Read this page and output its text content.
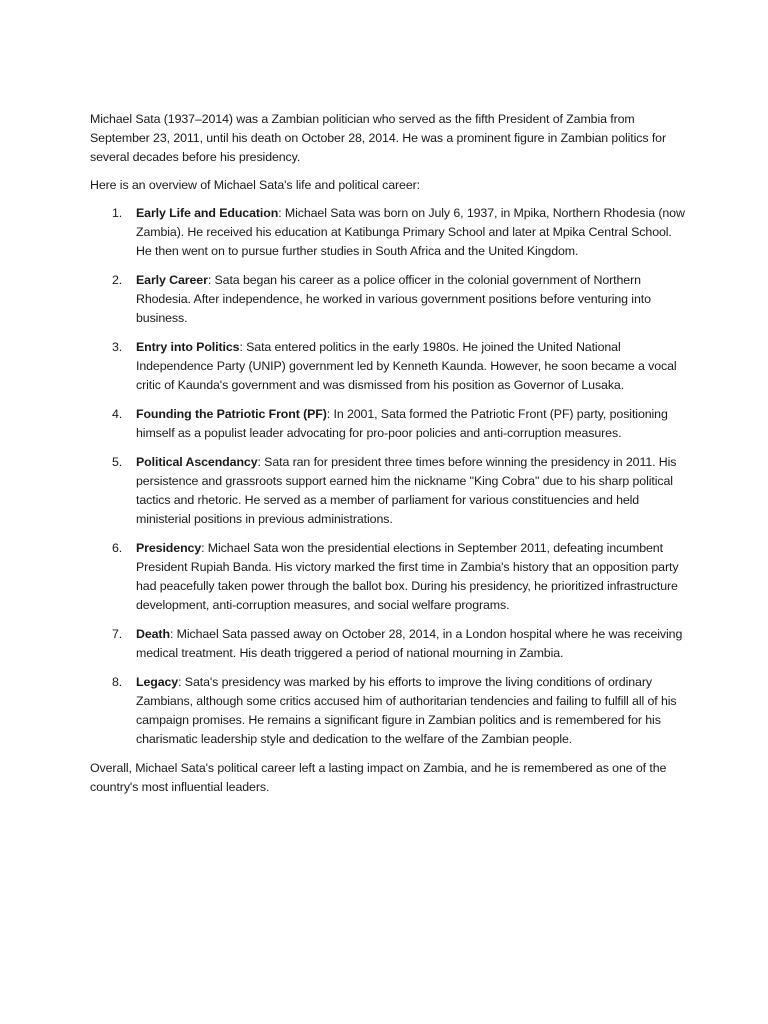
Michael Sata (1937–2014) was a Zambian politician who served as the fifth President of Zambia from September 23, 2011, until his death on October 28, 2014. He was a prominent figure in Zambian politics for several decades before his presidency.

Here is an overview of Michael Sata's life and political career:

1. Early Life and Education: Michael Sata was born on July 6, 1937, in Mpika, Northern Rhodesia (now Zambia). He received his education at Katibunga Primary School and later at Mpika Central School. He then went on to pursue further studies in South Africa and the United Kingdom.
2. Early Career: Sata began his career as a police officer in the colonial government of Northern Rhodesia. After independence, he worked in various government positions before venturing into business.
3. Entry into Politics: Sata entered politics in the early 1980s. He joined the United National Independence Party (UNIP) government led by Kenneth Kaunda. However, he soon became a vocal critic of Kaunda's government and was dismissed from his position as Governor of Lusaka.
4. Founding the Patriotic Front (PF): In 2001, Sata formed the Patriotic Front (PF) party, positioning himself as a populist leader advocating for pro-poor policies and anti-corruption measures.
5. Political Ascendancy: Sata ran for president three times before winning the presidency in 2011. His persistence and grassroots support earned him the nickname "King Cobra" due to his sharp political tactics and rhetoric. He served as a member of parliament for various constituencies and held ministerial positions in previous administrations.
6. Presidency: Michael Sata won the presidential elections in September 2011, defeating incumbent President Rupiah Banda. His victory marked the first time in Zambia's history that an opposition party had peacefully taken power through the ballot box. During his presidency, he prioritized infrastructure development, anti-corruption measures, and social welfare programs.
7. Death: Michael Sata passed away on October 28, 2014, in a London hospital where he was receiving medical treatment. His death triggered a period of national mourning in Zambia.
8. Legacy: Sata's presidency was marked by his efforts to improve the living conditions of ordinary Zambians, although some critics accused him of authoritarian tendencies and failing to fulfill all of his campaign promises. He remains a significant figure in Zambian politics and is remembered for his charismatic leadership style and dedication to the welfare of the Zambian people.

Overall, Michael Sata's political career left a lasting impact on Zambia, and he is remembered as one of the country's most influential leaders.
